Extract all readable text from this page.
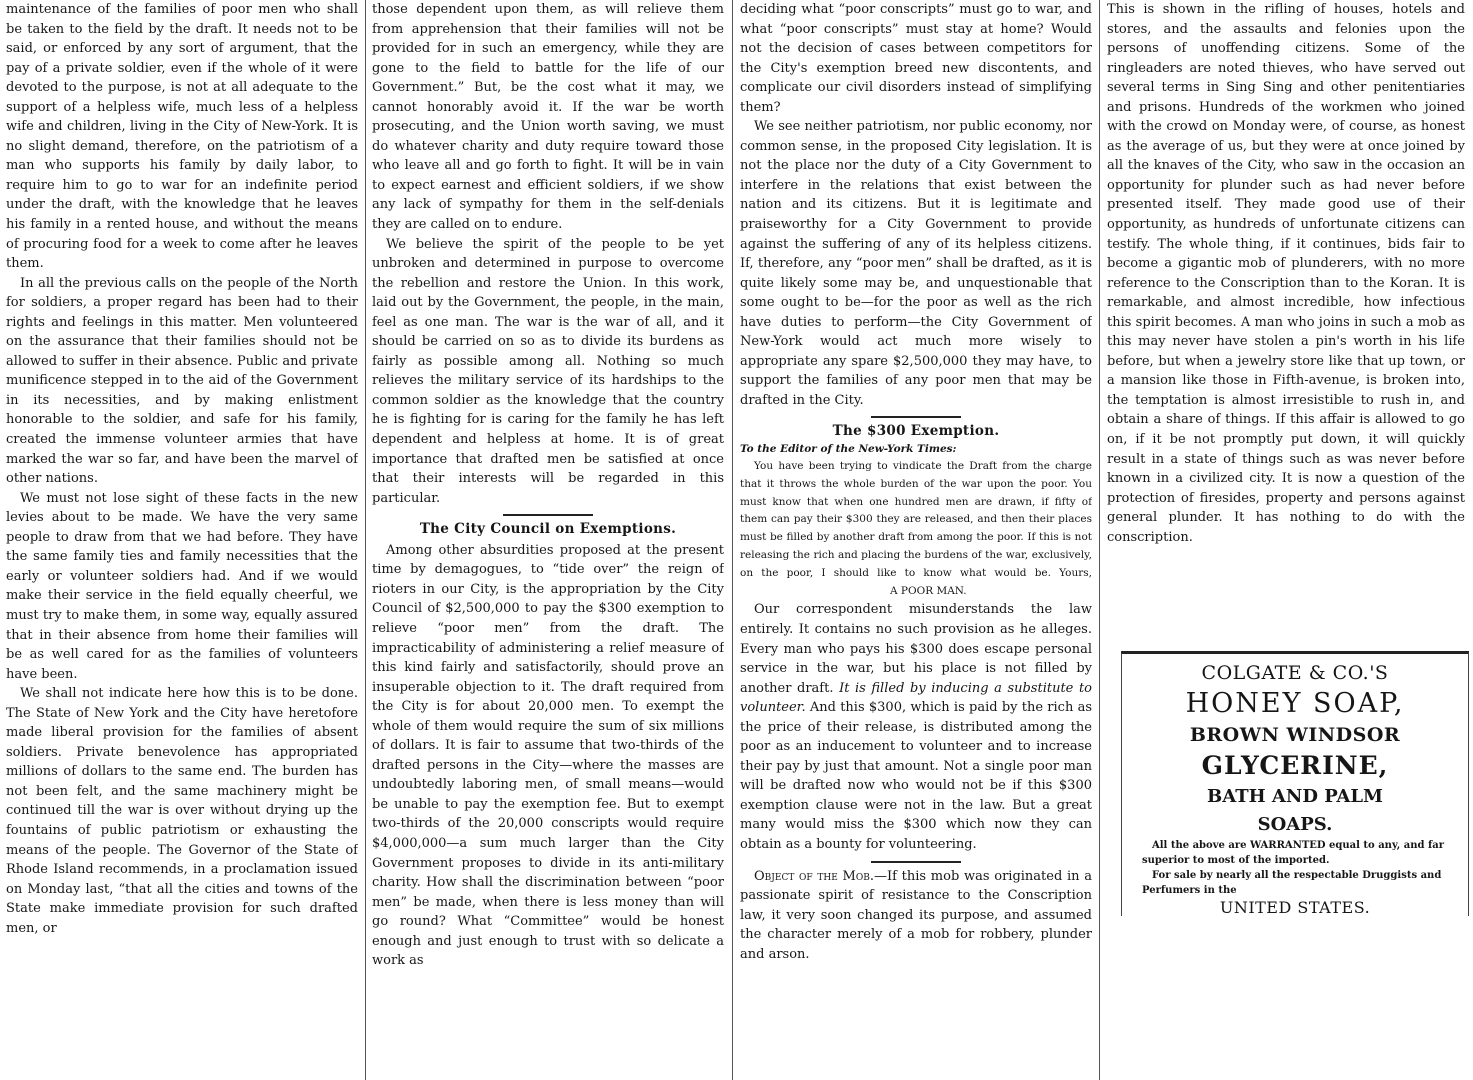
maintenance of the families of poor men who shall be taken to the field by the draft. It needs not to be said, or enforced by any sort of argument, that the pay of a private soldier, even if the whole of it were devoted to the purpose, is not at all adequate to the support of a helpless wife, much less of a helpless wife and children, living in the City of New-York. It is no slight demand, therefore, on the patriotism of a man who supports his family by daily labor, to require him to go to war for an indefinite period under the draft, with the knowledge that he leaves his family in a rented house, and without the means of procuring food for a week to come after he leaves them.

In all the previous calls on the people of the North for soldiers, a proper regard has been had to their rights and feelings in this matter. Men volunteered on the assurance that their families should not be allowed to suffer in their absence. Public and private munificence stepped in to the aid of the Government in its necessities, and by making enlistment honorable to the soldier, and safe for his family, created the immense volunteer armies that have marked the war so far, and have been the marvel of other nations.

We must not lose sight of these facts in the new levies about to be made. We have the very same people to draw from that we had before. They have the same family ties and family necessities that the early or volunteer soldiers had. And if we would make their service in the field equally cheerful, we must try to make them, in some way, equally assured that in their absence from home their families will be as well cared for as the families of volunteers have been.

We shall not indicate here how this is to be done. The State of New York and the City have heretofore made liberal provision for the families of absent soldiers. Private benevolence has appropriated millions of dollars to the same end. The burden has not been felt, and the same machinery might be continued till the war is over without drying up the fountains of public patriotism or exhausting the means of the people. The Governor of the State of Rhode Island recommends, in a proclamation issued on Monday last, “that all the cities and towns of the State make immediate provision for such drafted men, or

those dependent upon them, as will relieve them from apprehension that their families will not be provided for in such an emergency, while they are gone to the field to battle for the life of our Government.” But, be the cost what it may, we cannot honorably avoid it. If the war be worth prosecuting, and the Union worth saving, we must do whatever charity and duty require toward those who leave all and go forth to fight. It will be in vain to expect earnest and efficient soldiers, if we show any lack of sympathy for them in the self-denials they are called on to endure.

We believe the spirit of the people to be yet unbroken and determined in purpose to overcome the rebellion and restore the Union. In this work, laid out by the Government, the people, in the main, feel as one man. The war is the war of all, and it should be carried on so as to divide its burdens as fairly as possible among all. Nothing so much relieves the military service of its hardships to the common soldier as the knowledge that the country he is fighting for is caring for the family he has left dependent and helpless at home. It is of great importance that drafted men be satisfied at once that their interests will be regarded in this particular.

The City Council on Exemptions.

Among other absurdities proposed at the present time by demagogues, to “tide over” the reign of rioters in our City, is the appropriation by the City Council of $2,500,000 to pay the $300 exemption to relieve “poor men” from the draft. The impracticability of administering a relief measure of this kind fairly and satisfactorily, should prove an insuperable objection to it. The draft required from the City is for about 20,000 men. To exempt the whole of them would require the sum of six millions of dollars. It is fair to assume that two-thirds of the drafted persons in the City—where the masses are undoubtedly laboring men, of small means—would be unable to pay the exemption fee. But to exempt two-thirds of the 20,000 conscripts would require $4,000,000—a sum much larger than the City Government proposes to divide in its anti-military charity. How shall the discrimination between “poor men” be made, when there is less money than will go round? What “Committee” would be honest enough and just enough to trust with so delicate a work as

deciding what “poor conscripts” must go to war, and what “poor conscripts” must stay at home? Would not the decision of cases between competitors for the City's exemption breed new discontents, and complicate our civil disorders instead of simplifying them?

We see neither patriotism, nor public economy, nor common sense, in the proposed City legislation. It is not the place nor the duty of a City Government to interfere in the relations that exist between the nation and its citizens. But it is legitimate and praiseworthy for a City Government to provide against the suffering of any of its helpless citizens. If, therefore, any “poor men” shall be drafted, as it is quite likely some may be, and unquestionable that some ought to be—for the poor as well as the rich have duties to perform—the City Government of New-York would act much more wisely to appropriate any spare $2,500,000 they may have, to support the families of any poor men that may be drafted in the City.

The $300 Exemption.
To the Editor of the New-York Times:

You have been trying to vindicate the Draft from the charge that it throws the whole burden of the war upon the poor. You must know that when one hundred men are drawn, if fifty of them can pay their $300 they are released, and then their places must be filled by another draft from among the poor. If this is not releasing the rich and placing the burdens of the war, exclusively, on the poor, I should like to know what would be. Yours, A POOR MAN.

Our correspondent misunderstands the law entirely. It contains no such provision as he alleges. Every man who pays his $300 does escape personal service in the war, but his place is not filled by another draft. It is filled by inducing a substitute to volunteer. And this $300, which is paid by the rich as the price of their release, is distributed among the poor as an inducement to volunteer and to increase their pay by just that amount. Not a single poor man will be drafted now who would not be if this $300 exemption clause were not in the law. But a great many would miss the $300 which now they can obtain as a bounty for volunteering.

Object of the Mob.—If this mob was originated in a passionate spirit of resistance to the Conscription law, it very soon changed its purpose, and assumed the character merely of a mob for robbery, plunder and arson.

This is shown in the rifling of houses, hotels and stores, and the assaults and felonies upon the persons of unoffending citizens. Some of the ringleaders are noted thieves, who have served out several terms in Sing Sing and other penitentiaries and prisons. Hundreds of the workmen who joined with the crowd on Monday were, of course, as honest as the average of us, but they were at once joined by all the knaves of the City, who saw in the occasion an opportunity for plunder such as had never before presented itself. They made good use of their opportunity, as hundreds of unfortunate citizens can testify. The whole thing, if it continues, bids fair to become a gigantic mob of plunderers, with no more reference to the Conscription than to the Koran. It is remarkable, and almost incredible, how infectious this spirit becomes. A man who joins in such a mob as this may never have stolen a pin's worth in his life before, but when a jewelry store like that up town, or a mansion like those in Fifth-avenue, is broken into, the temptation is almost irresistible to rush in, and obtain a share of things. If this affair is allowed to go on, if it be not promptly put down, it will quickly result in a state of things such as was never before known in a civilized city. It is now a question of the protection of firesides, property and persons against general plunder. It has nothing to do with the conscription.

COLGATE & CO.'S
HONEY SOAP,
BROWN WINDSOR
GLYCERINE,
BATH AND PALM
SOAPS.
All the above are WARRANTED equal to any, and far superior to most of the imported.
For sale by nearly all the respectable Druggists and Perfumers in the
UNITED STATES.
